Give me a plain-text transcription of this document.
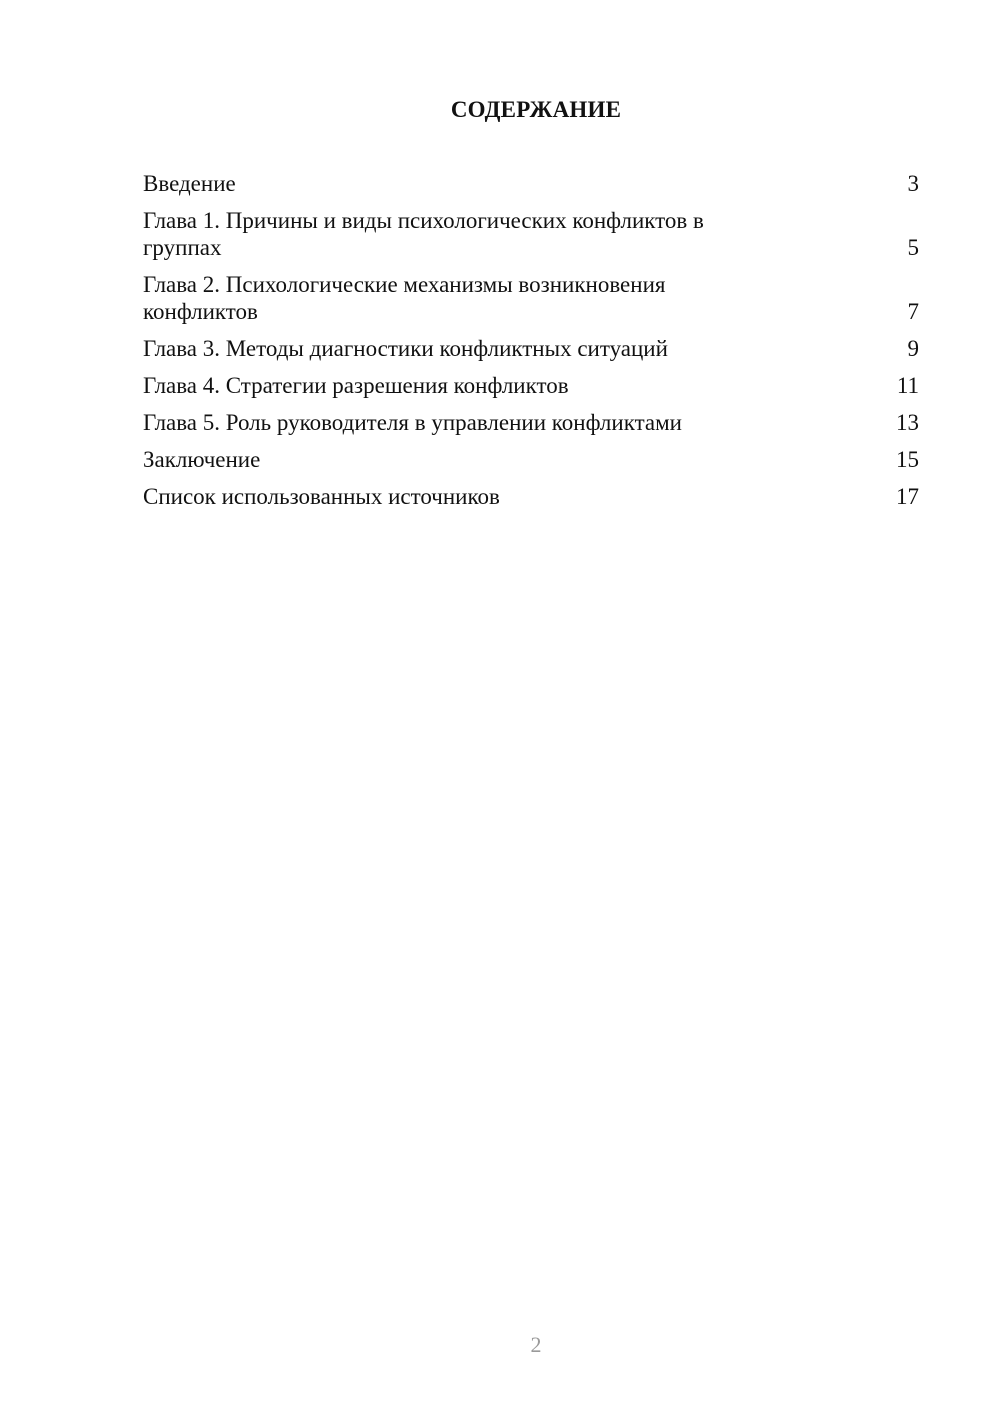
СОДЕРЖАНИЕ
Введение	3
Глава 1. Причины и виды психологических конфликтов в группах	5
Глава 2. Психологические механизмы возникновения конфликтов	7
Глава 3. Методы диагностики конфликтных ситуаций	9
Глава 4. Стратегии разрешения конфликтов	11
Глава 5. Роль руководителя в управлении конфликтами	13
Заключение	15
Список использованных источников	17
2
